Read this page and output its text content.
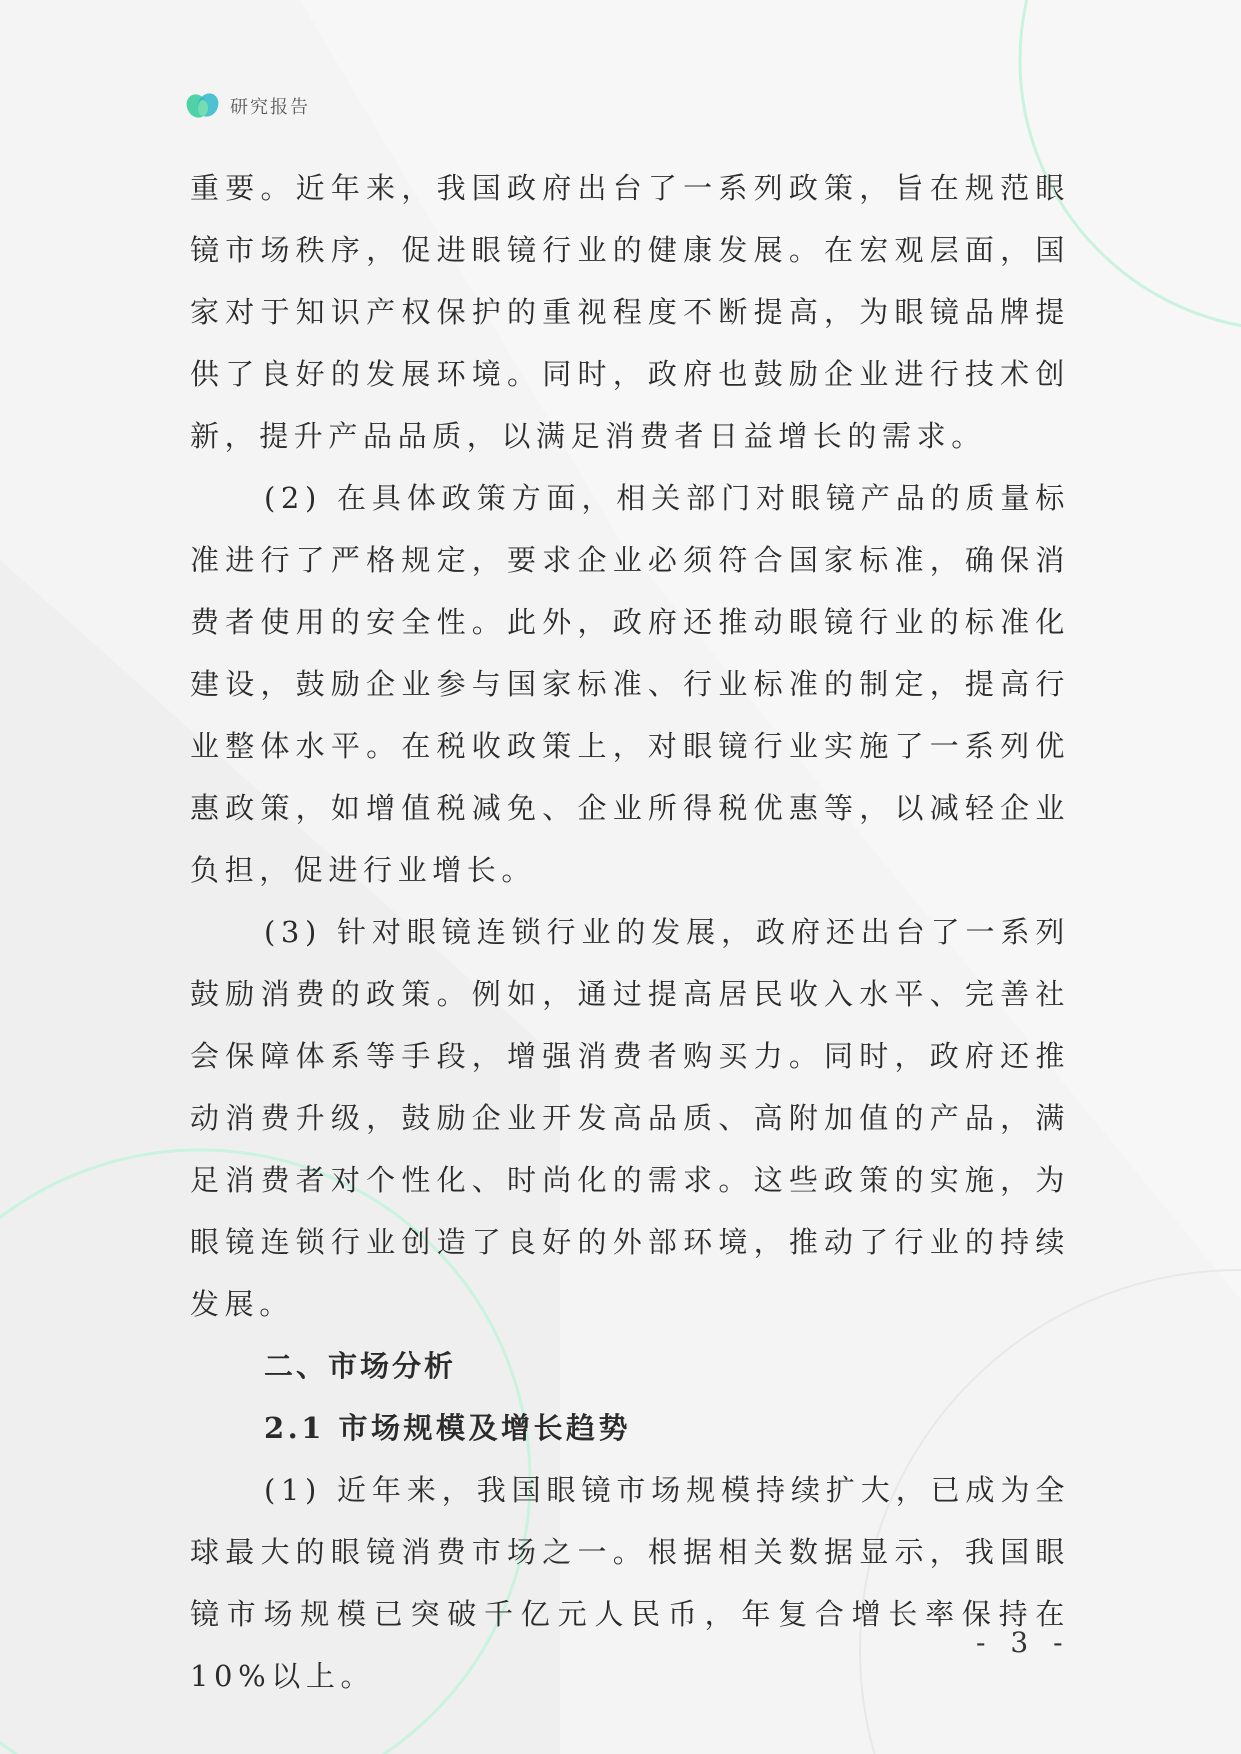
研究报告

重要。近年来，我国政府出台了一系列政策，旨在规范眼镜市场秩序，促进眼镜行业的健康发展。在宏观层面，国家对于知识产权保护的重视程度不断提高，为眼镜品牌提供了良好的发展环境。同时，政府也鼓励企业进行技术创新，提升产品品质，以满足消费者日益增长的需求。

(2) 在具体政策方面，相关部门对眼镜产品的质量标准进行了严格规定，要求企业必须符合国家标准，确保消费者使用的安全性。此外，政府还推动眼镜行业的标准化建设，鼓励企业参与国家标准、行业标准的制定，提高行业整体水平。在税收政策上，对眼镜行业实施了一系列优惠政策，如增值税减免、企业所得税优惠等，以减轻企业负担，促进行业增长。

(3) 针对眼镜连锁行业的发展，政府还出台了一系列鼓励消费的政策。例如，通过提高居民收入水平、完善社会保障体系等手段，增强消费者购买力。同时，政府还推动消费升级，鼓励企业开发高品质、高附加值的产品，满足消费者对个性化、时尚化的需求。这些政策的实施，为眼镜连锁行业创造了良好的外部环境，推动了行业的持续发展。

二、市场分析
2.1 市场规模及增长趋势

(1) 近年来，我国眼镜市场规模持续扩大，已成为全球最大的眼镜消费市场之一。根据相关数据显示，我国眼镜市场规模已突破千亿元人民币，年复合增长率保持在10%以上。

- 3 -
